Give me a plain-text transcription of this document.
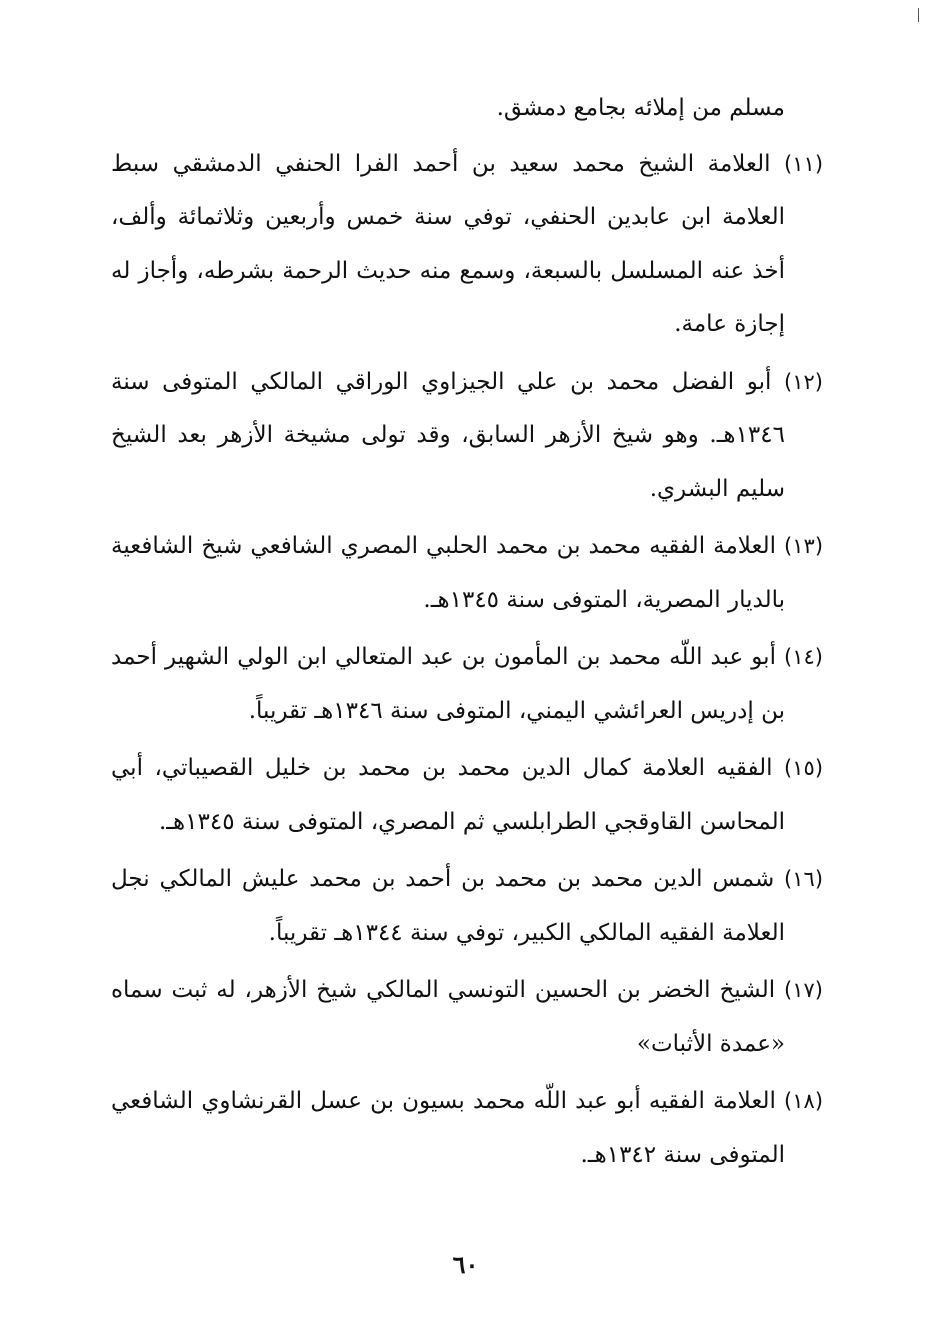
مسلم من إملائه بجامع دمشق.

(١١) العلامة الشيخ محمد سعيد بن أحمد الفرا الحنفي الدمشقي سبط العلامة ابن عابدين الحنفي، توفي سنة خمس وأربعين وثلاثمائة وألف، أخذ عنه المسلسل بالسبعة، وسمع منه حديث الرحمة بشرطه، وأجاز له إجازة عامة.

(١٢) أبو الفضل محمد بن علي الجيزاوي الوراقي المالكي المتوفى سنة ١٣٤٦هـ. وهو شيخ الأزهر السابق، وقد تولى مشيخة الأزهر بعد الشيخ سليم البشري.

(١٣) العلامة الفقيه محمد بن محمد الحلبي المصري الشافعي شيخ الشافعية بالديار المصرية، المتوفى سنة ١٣٤٥هـ.

(١٤) أبو عبد اللّه محمد بن المأمون بن عبد المتعالي ابن الولي الشهير أحمد بن إدريس العرائشي اليمني، المتوفى سنة ١٣٤٦هـ تقريباً.

(١٥) الفقيه العلامة كمال الدين محمد بن محمد بن خليل القصيباتي، أبي المحاسن القاوقجي الطرابلسي ثم المصري، المتوفى سنة ١٣٤٥هـ.

(١٦) شمس الدين محمد بن محمد بن أحمد بن محمد عليش المالكي نجل العلامة الفقيه المالكي الكبير، توفي سنة ١٣٤٤هـ تقريباً.

(١٧) الشيخ الخضر بن الحسين التونسي المالكي شيخ الأزهر، له ثبت سماه «عمدة الأثبات»

(١٨) العلامة الفقيه أبو عبد اللّه محمد بسيون بن عسل القرنشاوي الشافعي المتوفى سنة ١٣٤٢هـ.

٦٠
